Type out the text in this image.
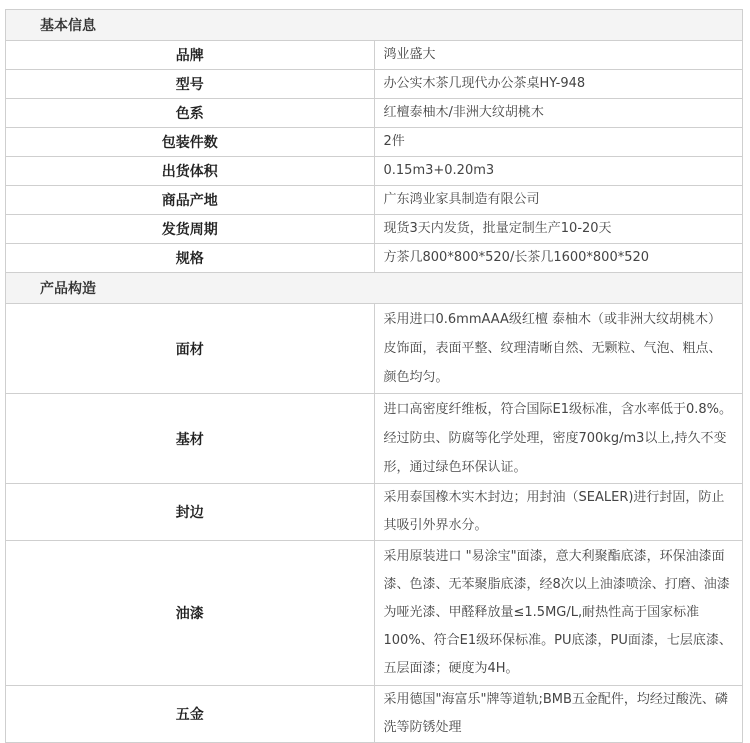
基本信息	
品牌	鸿业盛大
型号	办公实木茶几现代办公茶桌HY-948
色系	红檀泰柚木/非洲大纹胡桃木
包装件数	2件
出货体积	0.15m3+0.20m3
商品产地	广东鸿业家具制造有限公司
发货周期	现货3天内发货，批量定制生产10-20天
规格	方茶几800*800*520/长茶几1600*800*520
产品构造	
面材	采用进口0.6mmAAA级红檀 泰柚木（或非洲大纹胡桃木）皮饰面，表面平整、纹理清晰自然、无颗粒、气泡、粗点、颜色均匀。
基材	进口高密度纤维板，符合国际E1级标准，含水率低于0.8%。经过防虫、防腐等化学处理，密度700kg/m3以上,持久不变形，通过绿色环保认证。
封边	采用泰国橡木实木封边；用封油（SEALER)进行封固，防止其吸引外界水分。
油漆	采用原装进口 "易涂宝"面漆，意大利聚酯底漆，环保油漆面漆、色漆、无苯聚脂底漆，经8次以上油漆喷涂、打磨、油漆为哑光漆、甲醛释放量≤1.5MG/L,耐热性高于国家标准100%、符合E1级环保标准。PU底漆，PU面漆，七层底漆、五层面漆；硬度为4H。
五金	采用德国"海富乐"牌等道轨;BMB五金配件，均经过酸洗、磷洗等防锈处理
